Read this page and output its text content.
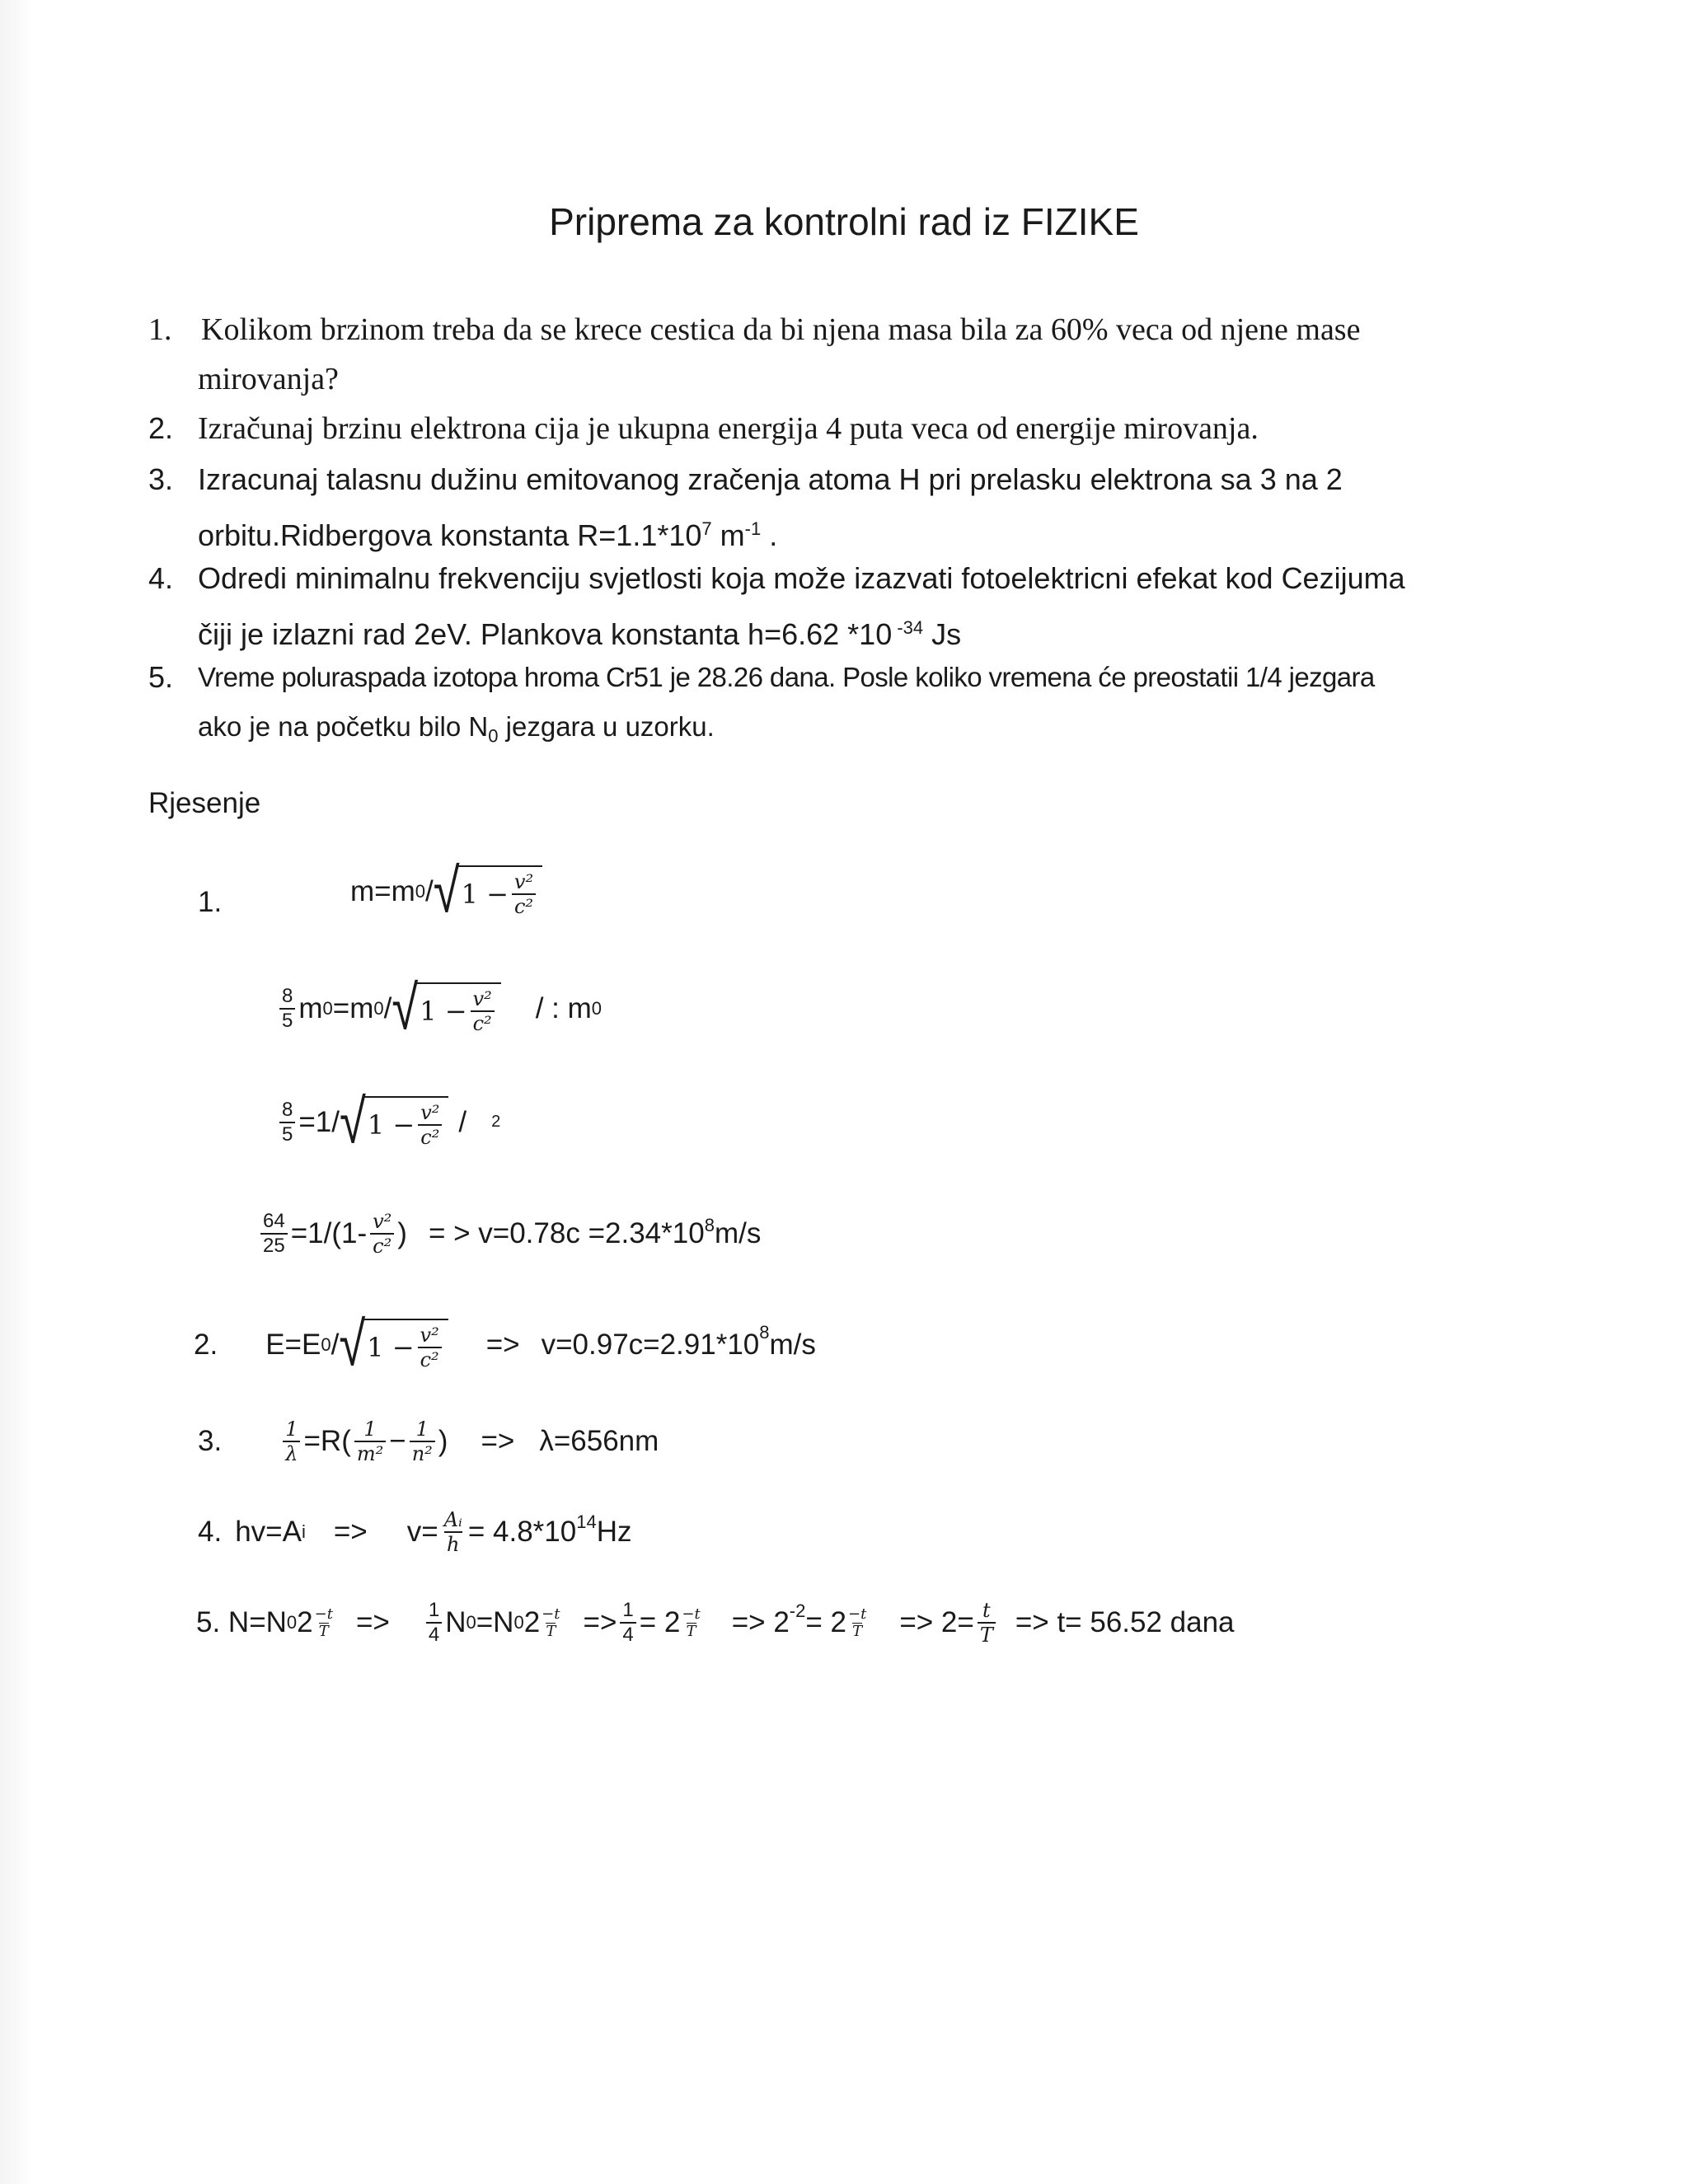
Priprema za kontrolni rad iz FIZIKE
1. Kolikom brzinom treba da se krece cestica da bi njena masa bila za 60% veca od njene mase
mirovanja?
2. Izračunaj brzinu elektrona cija je ukupna energija 4 puta veca od energije mirovanja.
3. Izracunaj talasnu dužinu emitovanog zračenja atoma H pri prelasku elektrona sa 3 na 2
orbitu.Ridbergova konstanta $R=1.1*10^7$ $m^{-1}$ .
4. Odredi minimalnu frekvenciju svjetlosti koja može izazvati fotoelektricni efekat kod Cezijuma
čiji je izlazni rad 2eV. Plankova konstanta h=6.62 *10 $^{-34}$ Js
5. Vreme poluraspada izotopa hroma Cr51 je 28.26 dana. Posle koliko vremena će preostatii 1/4 jezgara
ako je na početku bilo $N_0$ jezgara u uzorku.
Rjesenje
1.	m=m 0 / √ $1 - \frac{\text{v²}}{\text{c²}}$
$\frac{8}{5}$ m 0 =m 0 / √ $1 - \frac{\text{v²}}{\text{c²}}$ / : m 0
$\frac{8}{5} =1/$ √ $1 - \frac{\text{v²}}{\text{c²}} / 2$
$\frac{64}{25} =1/(1- \frac{\text{v²}}{\text{c²}}$ ) = > v=0.78c =2.34*10 $^8$ m/s
2. E=E 0 / √ $1 - \frac{\text{v²}}{\text{c²}} => v=0.97c=2.91*10^8$ m/s
3.	$\frac{1}{\lambda} =R( \frac{1}{\text{m²}} - \frac{1}{\text{n²}}$ ) => λ=656nm
4. hv=A $i => v= \frac{\text{Aᵢ}}{h} = 4.8*10^{14}$ Hz
5. N=N 0 $2 \frac{-t}{T} => \frac{1}{4}$ N 0 =N 0 $2 \frac{-t}{T} => \frac{1}{4} = 2 \frac{-t}{T} => 2^{-2} = 2 \frac{-t}{T} => 2= \frac{t}{T} => t= 56.52$ dana
